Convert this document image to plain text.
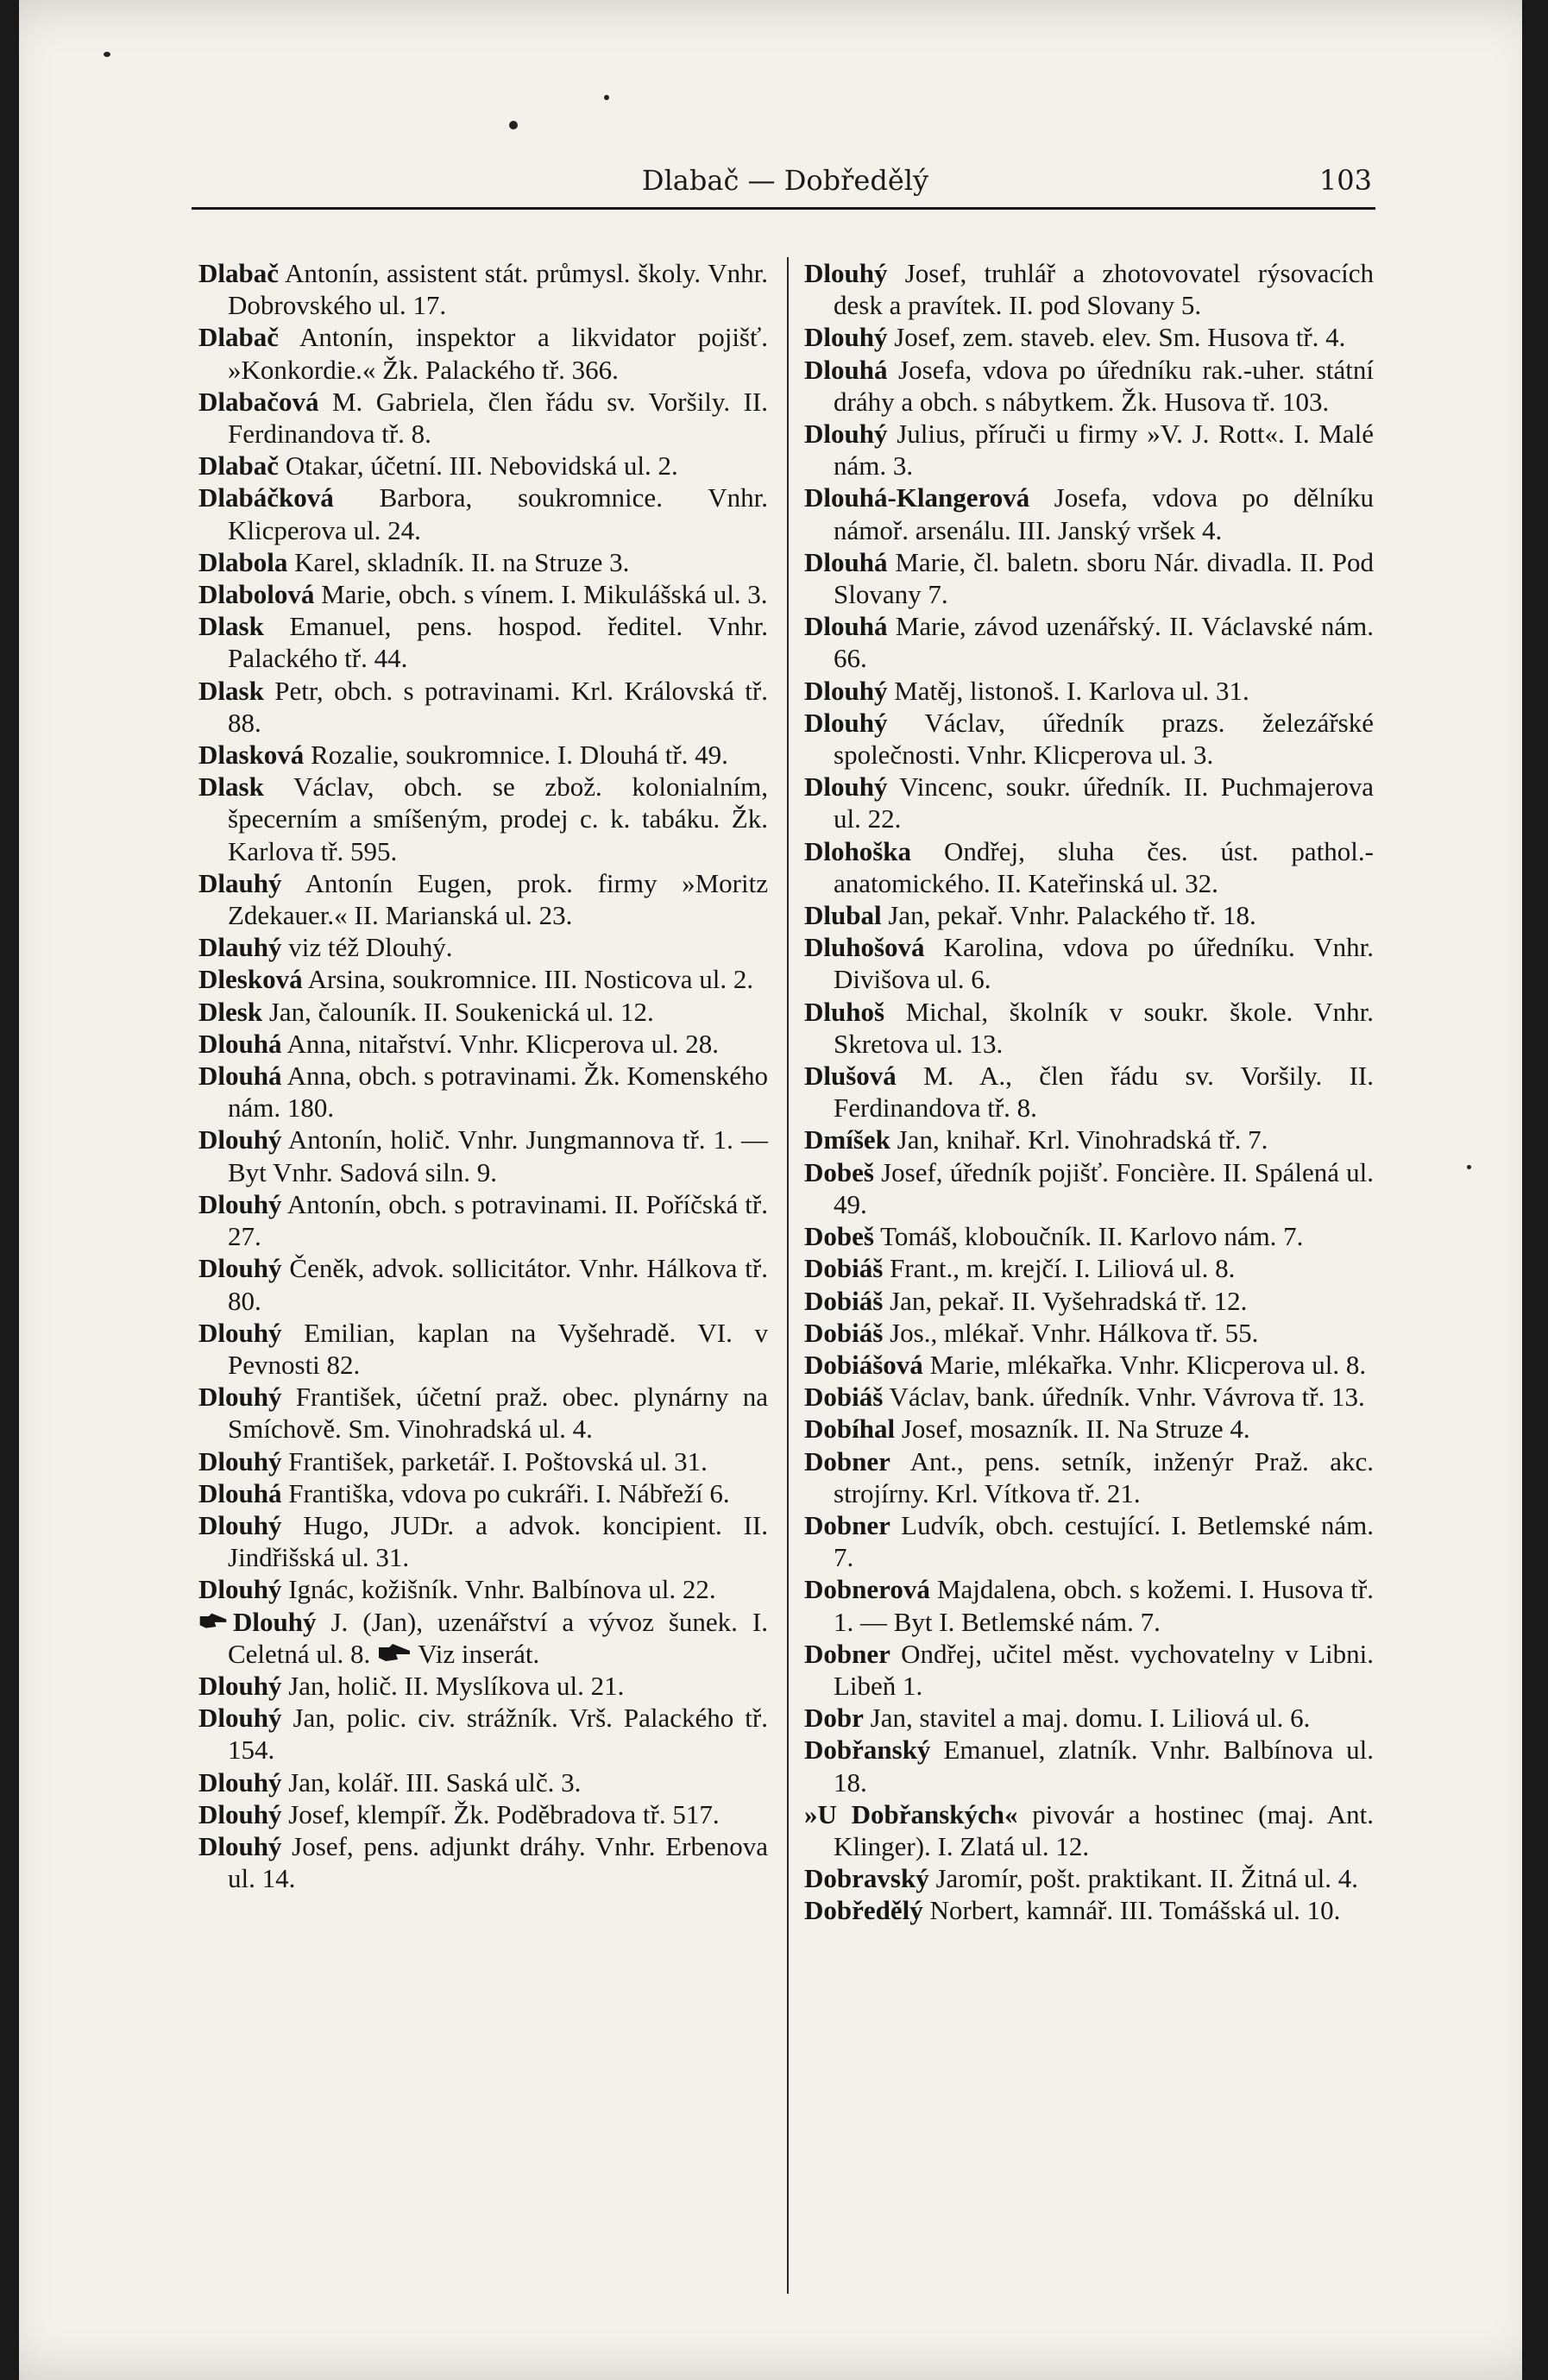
Dlabač — Dobředělý	103
Dlabač Antonín, assistent stát. průmysl. školy. Vnhr. Dobrovského ul. 17.
Dlabač Antonín, inspektor a likvidator pojišť. »Konkordie.« Žk. Palackého tř. 366.
Dlabačová M. Gabriela, člen řádu sv. Voršily. II. Ferdinandova tř. 8.
Dlabač Otakar, účetní. III. Nebovidská ul. 2.
Dlabáčková Barbora, soukromnice. Vnhr. Klicperova ul. 24.
Dlabola Karel, skladník. II. na Struze 3.
Dlabolová Marie, obch. s vínem. I. Mikulášská ul. 3.
Dlask Emanuel, pens. hospod. ředitel. Vnhr. Palackého tř. 44.
Dlask Petr, obch. s potravinami. Krl. Královská tř. 88.
Dlasková Rozalie, soukromnice. I. Dlouhá tř. 49.
Dlask Václav, obch. se zbož. kolonialním, špecerním a smíšeným, prodej c. k. tabáku. Žk. Karlova tř. 595.
Dlauhý Antonín Eugen, prok. firmy »Moritz Zdekauer.« II. Marianská ul. 23.
Dlauhý viz též Dlouhý.
Dlesková Arsina, soukromnice. III. Nosticova ul. 2.
Dlesk Jan, čalouník. II. Soukenická ul. 12.
Dlouhá Anna, nitařství. Vnhr. Klicperova ul. 28.
Dlouhá Anna, obch. s potravinami. Žk. Komenského nám. 180.
Dlouhý Antonín, holič. Vnhr. Jungmannova tř. 1. — Byt Vnhr. Sadová siln. 9.
Dlouhý Antonín, obch. s potravinami. II. Poříčská tř. 27.
Dlouhý Čeněk, advok. sollicitátor. Vnhr. Hálkova tř. 80.
Dlouhý Emilian, kaplan na Vyšehradě. VI. v Pevnosti 82.
Dlouhý František, účetní praž. obec. plynárny na Smíchově. Sm. Vinohradská ul. 4.
Dlouhý František, parketář. I. Poštovská ul. 31.
Dlouhá Františka, vdova po cukráři. I. Nábřeží 6.
Dlouhý Hugo, JUDr. a advok. koncipient. II. Jindřišská ul. 31.
Dlouhý Ignác, kožišník. Vnhr. Balbínova ul. 22.
Dlouhý J. (Jan), uzenářství a vývoz šunek. I. Celetná ul. 8.  Viz inserát.
Dlouhý Jan, holič. II. Myslíkova ul. 21.
Dlouhý Jan, polic. civ. strážník. Vrš. Palackého tř. 154.
Dlouhý Jan, kolář. III. Saská ulč. 3.
Dlouhý Josef, klempíř. Žk. Poděbradova tř. 517.
Dlouhý Josef, pens. adjunkt dráhy. Vnhr. Erbenova ul. 14.
Dlouhý Josef, truhlář a zhotovovatel rýsovacích desk a pravítek. II. pod Slovany 5.
Dlouhý Josef, zem. staveb. elev. Sm. Husova tř. 4.
Dlouhá Josefa, vdova po úředníku rak.-uher. státní dráhy a obch. s nábytkem. Žk. Husova tř. 103.
Dlouhý Julius, příruči u firmy »V. J. Rott«. I. Malé nám. 3.
Dlouhá-Klangerová Josefa, vdova po dělníku námoř. arsenálu. III. Janský vršek 4.
Dlouhá Marie, čl. baletn. sboru Nár. divadla. II. Pod Slovany 7.
Dlouhá Marie, závod uzenářský. II. Václavské nám. 66.
Dlouhý Matěj, listonoš. I. Karlova ul. 31.
Dlouhý Václav, úředník prazs. železářské společnosti. Vnhr. Klicperova ul. 3.
Dlouhý Vincenc, soukr. úředník. II. Puchmajerova ul. 22.
Dlohoška Ondřej, sluha čes. úst. pathol.-anatomického. II. Kateřinská ul. 32.
Dlubal Jan, pekař. Vnhr. Palackého tř. 18.
Dluhošová Karolina, vdova po úředníku. Vnhr. Divišova ul. 6.
Dluhoš Michal, školník v soukr. škole. Vnhr. Skretova ul. 13.
Dlušová M. A., člen řádu sv. Voršily. II. Ferdinandova tř. 8.
Dmíšek Jan, knihař. Krl. Vinohradská tř. 7.
Dobeš Josef, úředník pojišť. Foncière. II. Spálená ul. 49.
Dobeš Tomáš, kloboučník. II. Karlovo nám. 7.
Dobiáš Frant., m. krejčí. I. Liliová ul. 8.
Dobiáš Jan, pekař. II. Vyšehradská tř. 12.
Dobiáš Jos., mlékař. Vnhr. Hálkova tř. 55.
Dobiášová Marie, mlékařka. Vnhr. Klicperova ul. 8.
Dobiáš Václav, bank. úředník. Vnhr. Vávrova tř. 13.
Dobíhal Josef, mosazník. II. Na Struze 4.
Dobner Ant., pens. setník, inženýr Praž. akc. strojírny. Krl. Vítkova tř. 21.
Dobner Ludvík, obch. cestující. I. Betlemské nám. 7.
Dobnerová Majdalena, obch. s kožemi. I. Husova tř. 1. — Byt I. Betlemské nám. 7.
Dobner Ondřej, učitel měst. vychovatelny v Libni. Libeň 1.
Dobr Jan, stavitel a maj. domu. I. Liliová ul. 6.
Dobřanský Emanuel, zlatník. Vnhr. Balbínova ul. 18.
»U Dobřanských« pivovár a hostinec (maj. Ant. Klinger). I. Zlatá ul. 12.
Dobravský Jaromír, pošt. praktikant. II. Žitná ul. 4.
Dobředělý Norbert, kamnář. III. Tomášská ul. 10.
